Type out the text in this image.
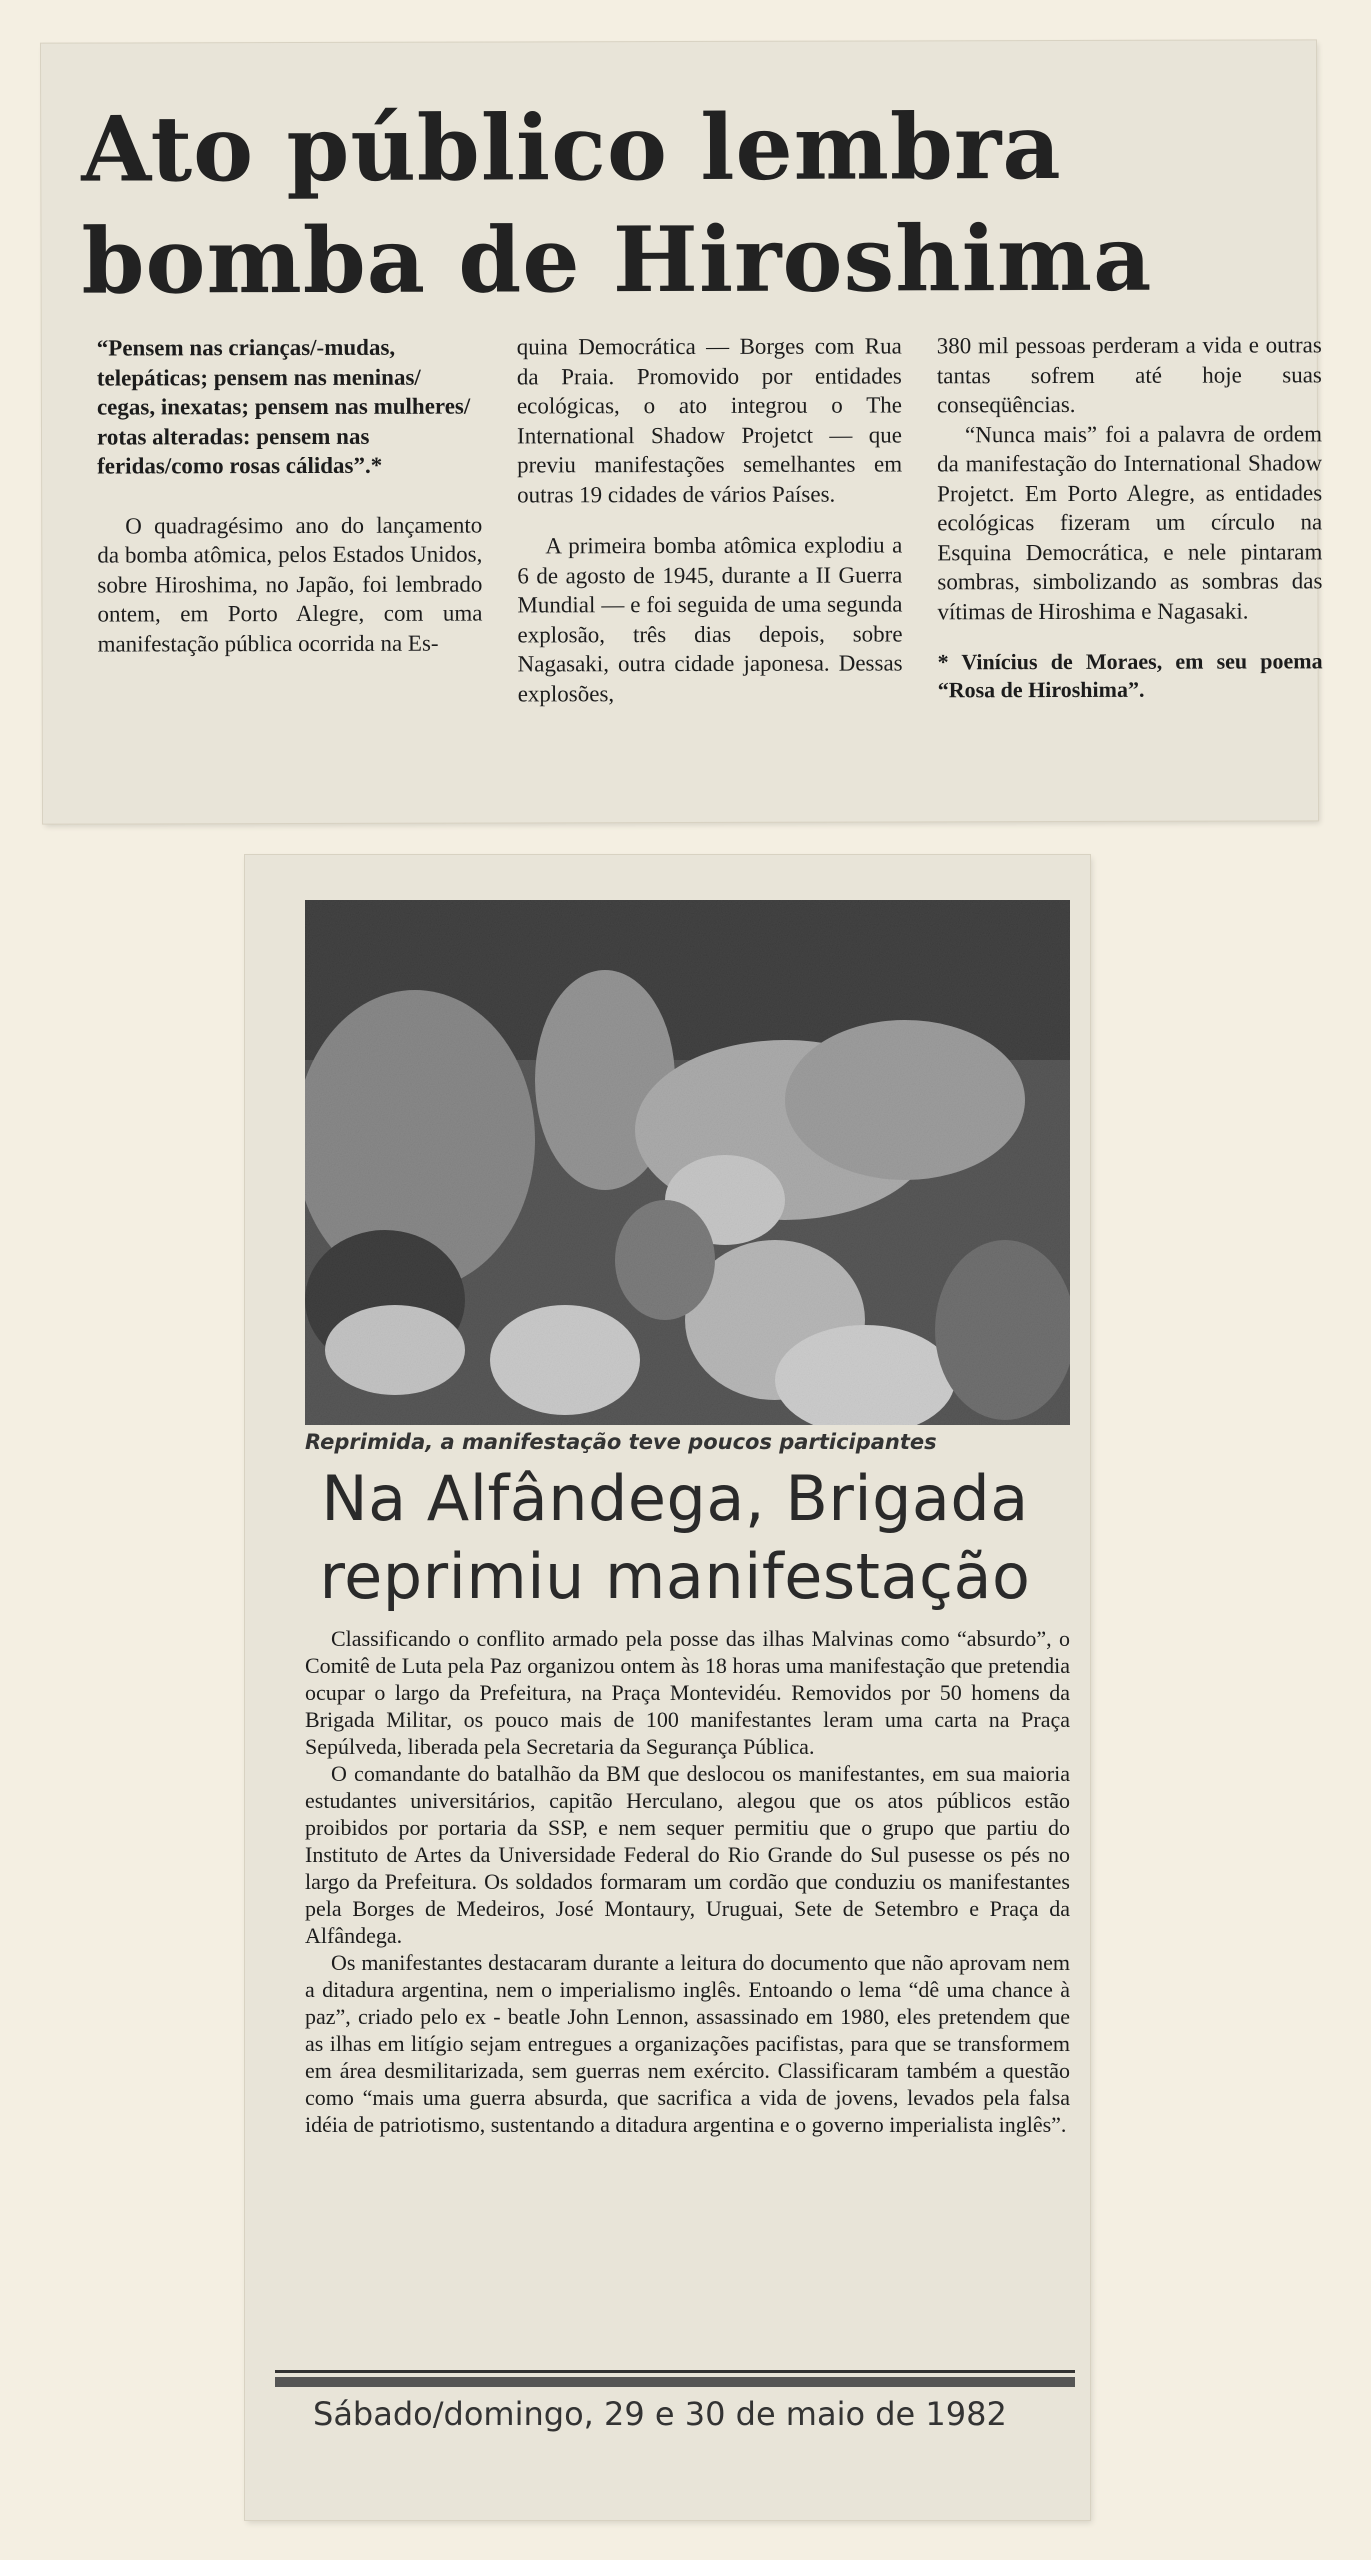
Ato público lembra
bomba de Hiroshima

“Pensem nas crianças/-mudas, telepáticas; pensem nas meninas/ cegas, inexatas; pensem nas mulheres/ rotas alteradas: pensem nas feridas/como rosas cálidas”.*

O quadragésimo ano do lançamento da bomba atômica, pelos Estados Unidos, sobre Hiroshima, no Japão, foi lembrado ontem, em Porto Alegre, com uma manifestação pública ocorrida na Es-

quina Democrática — Borges com Rua da Praia. Promovido por entidades ecológicas, o ato integrou o The International Shadow Projetct — que previu manifestações semelhantes em outras 19 cidades de vários Países.

A primeira bomba atômica explodiu a 6 de agosto de 1945, durante a II Guerra Mundial — e foi seguida de uma segunda explosão, três dias depois, sobre Nagasaki, outra cidade japonesa. Dessas explosões,

380 mil pessoas perderam a vida e outras tantas sofrem até hoje suas conseqüências.

“Nunca mais” foi a palavra de ordem da manifestação do International Shadow Projetct. Em Porto Alegre, as entidades ecológicas fizeram um círculo na Esquina Democrática, e nele pintaram sombras, simbolizando as sombras das vítimas de Hiroshima e Nagasaki.

* Vinícius de Moraes, em seu poema “Rosa de Hiroshima”.

Reprimida, a manifestação teve poucos participantes
Na Alfândega, Brigada
reprimiu manifestação

Classificando o conflito armado pela posse das ilhas Malvinas como “absurdo”, o Comitê de Luta pela Paz organizou ontem às 18 horas uma manifestação que pretendia ocupar o largo da Prefeitura, na Praça Montevidéu. Removidos por 50 homens da Brigada Militar, os pouco mais de 100 manifestantes leram uma carta na Praça Sepúlveda, liberada pela Secretaria da Segurança Pública.

O comandante do batalhão da BM que deslocou os manifestantes, em sua maioria estudantes universitários, capitão Herculano, alegou que os atos públicos estão proibidos por portaria da SSP, e nem sequer permitiu que o grupo que partiu do Instituto de Artes da Universidade Federal do Rio Grande do Sul pusesse os pés no largo da Prefeitura. Os soldados formaram um cordão que conduziu os manifestantes pela Borges de Medeiros, José Montaury, Uruguai, Sete de Setembro e Praça da Alfândega.

Os manifestantes destacaram durante a leitura do documento que não aprovam nem a ditadura argentina, nem o imperialismo inglês. Entoando o lema “dê uma chance à paz”, criado pelo ex - beatle John Lennon, assassinado em 1980, eles pretendem que as ilhas em litígio sejam entregues a organizações pacifistas, para que se transformem em área desmilitarizada, sem guerras nem exército. Classificaram também a questão como “mais uma guerra absurda, que sacrifica a vida de jovens, levados pela falsa idéia de patriotismo, sustentando a ditadura argentina e o governo imperialista inglês”.

Sábado/domingo, 29 e 30 de maio de 1982
